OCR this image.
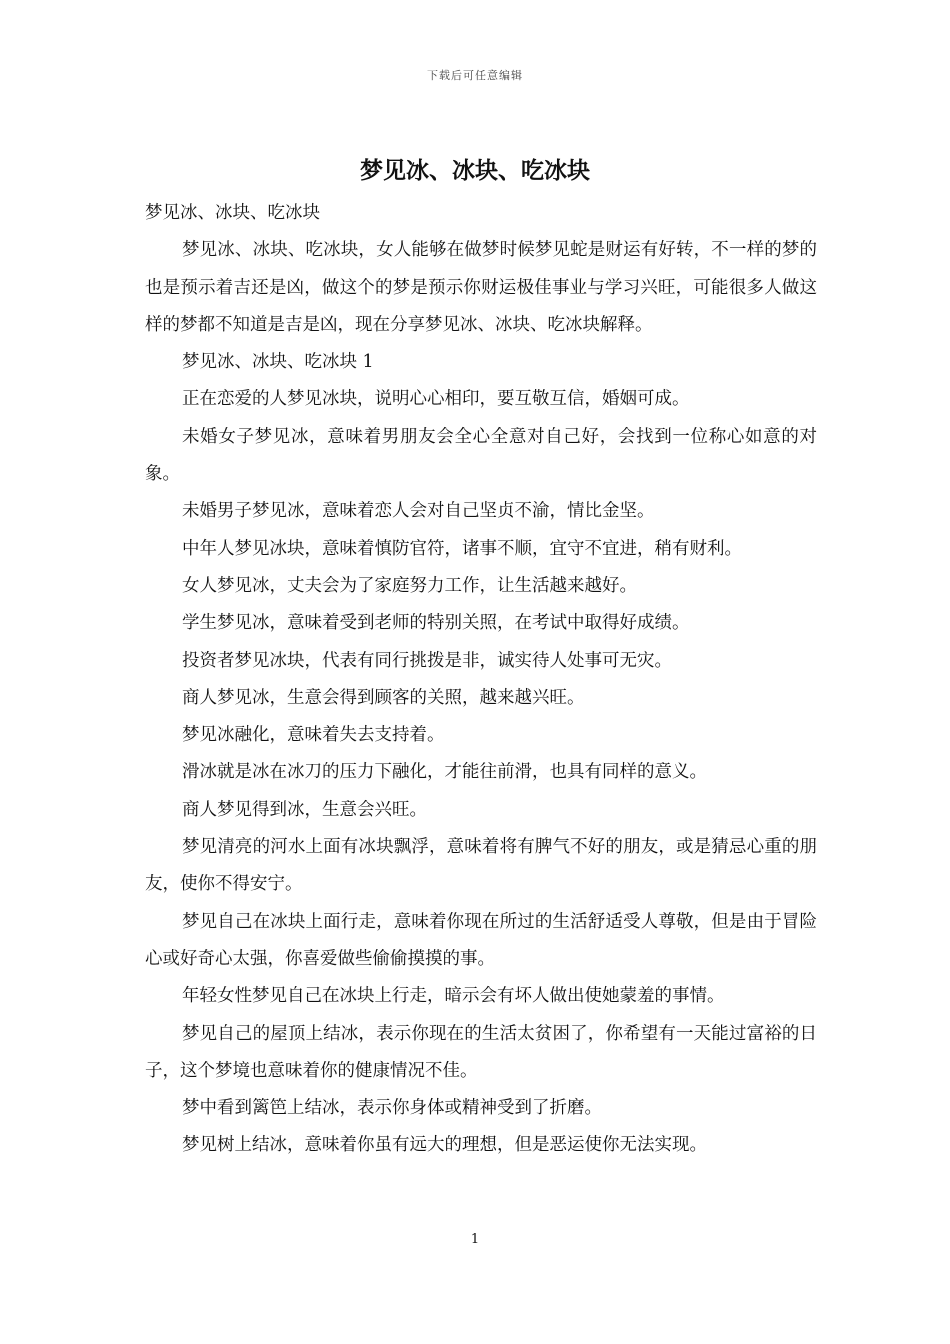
下载后可任意编辑
梦见冰、冰块、吃冰块

梦见冰、冰块、吃冰块

梦见冰、冰块、吃冰块，女人能够在做梦时候梦见蛇是财运有好转，不一样的梦的也是预示着吉还是凶，做这个的梦是预示你财运极佳事业与学习兴旺，可能很多人做这样的梦都不知道是吉是凶，现在分享梦见冰、冰块、吃冰块解释。

梦见冰、冰块、吃冰块 1

正在恋爱的人梦见冰块，说明心心相印，要互敬互信，婚姻可成。

未婚女子梦见冰，意味着男朋友会全心全意对自己好，会找到一位称心如意的对象。

未婚男子梦见冰，意味着恋人会对自己坚贞不渝，情比金坚。

中年人梦见冰块，意味着慎防官符，诸事不顺，宜守不宜进，稍有财利。

女人梦见冰，丈夫会为了家庭努力工作，让生活越来越好。

学生梦见冰，意味着受到老师的特别关照，在考试中取得好成绩。

投资者梦见冰块，代表有同行挑拨是非，诚实待人处事可无灾。

商人梦见冰，生意会得到顾客的关照，越来越兴旺。

梦见冰融化，意味着失去支持着。

滑冰就是冰在冰刀的压力下融化，才能往前滑，也具有同样的意义。

商人梦见得到冰，生意会兴旺。

梦见清亮的河水上面有冰块飘浮，意味着将有脾气不好的朋友，或是猜忌心重的朋友，使你不得安宁。

梦见自己在冰块上面行走，意味着你现在所过的生活舒适受人尊敬，但是由于冒险心或好奇心太强，你喜爱做些偷偷摸摸的事。

年轻女性梦见自己在冰块上行走，暗示会有坏人做出使她蒙羞的事情。

梦见自己的屋顶上结冰，表示你现在的生活太贫困了，你希望有一天能过富裕的日子，这个梦境也意味着你的健康情况不佳。

梦中看到篱笆上结冰，表示你身体或精神受到了折磨。

梦见树上结冰，意味着你虽有远大的理想，但是恶运使你无法实现。

1
